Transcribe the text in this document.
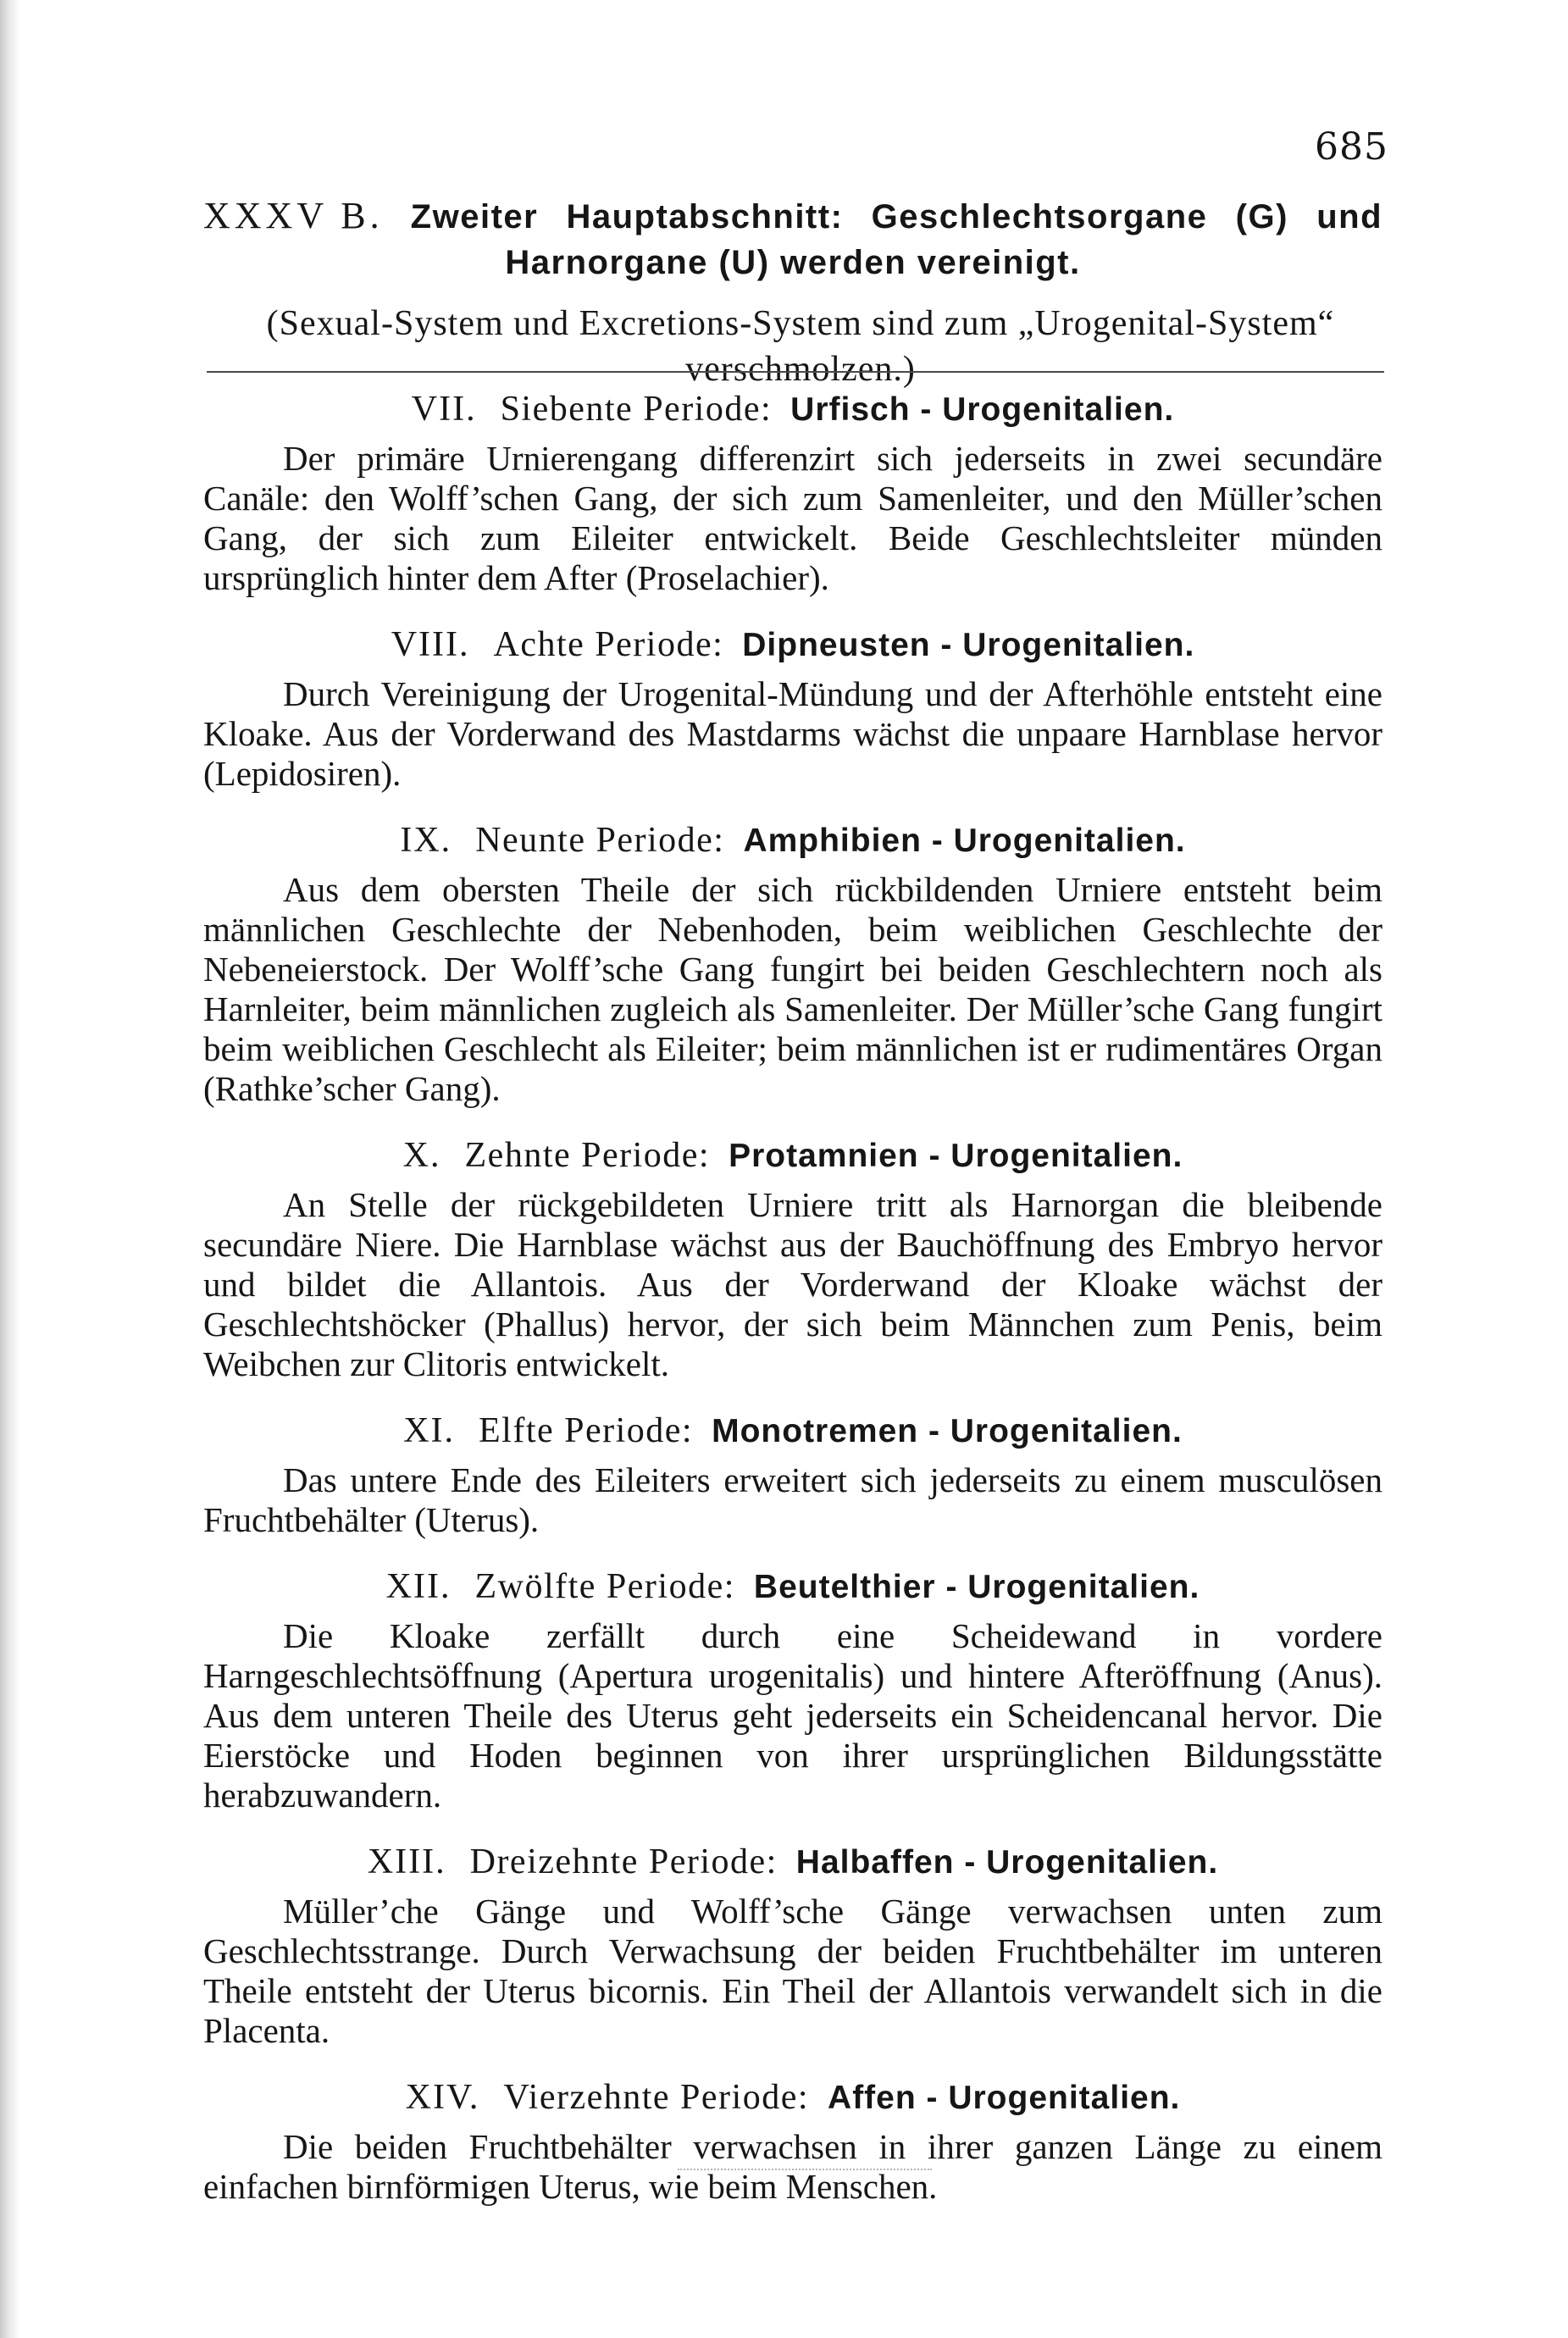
685
XXXV B. Zweiter Hauptabschnitt: Geschlechtsorgane (G) und
Harnorgane (U) werden vereinigt.
(Sexual-System und Excretions-System sind zum „Urogenital-System“
verschmolzen.)
VII. Siebente Periode: Urfisch - Urogenitalien.
Der primäre Urnierengang differenzirt sich jederseits in zwei secundäre Canäle: den Wolff’schen Gang, der sich zum Samenleiter, und den Müller’schen Gang, der sich zum Eileiter entwickelt. Beide Geschlechtsleiter münden ursprünglich hinter dem After (Proselachier).
VIII. Achte Periode: Dipneusten - Urogenitalien.
Durch Vereinigung der Urogenital-Mündung und der Afterhöhle entsteht eine Kloake. Aus der Vorderwand des Mastdarms wächst die unpaare Harnblase hervor (Lepidosiren).
IX. Neunte Periode: Amphibien - Urogenitalien.
Aus dem obersten Theile der sich rückbildenden Urniere entsteht beim männlichen Geschlechte der Nebenhoden, beim weiblichen Geschlechte der Nebeneierstock. Der Wolff’sche Gang fungirt bei beiden Geschlechtern noch als Harnleiter, beim männlichen zugleich als Samenleiter. Der Müller’sche Gang fungirt beim weiblichen Geschlecht als Eileiter; beim männlichen ist er rudimentäres Organ (Rathke’scher Gang).
X. Zehnte Periode: Protamnien - Urogenitalien.
An Stelle der rückgebildeten Urniere tritt als Harnorgan die bleibende secundäre Niere. Die Harnblase wächst aus der Bauchöffnung des Embryo hervor und bildet die Allantois. Aus der Vorderwand der Kloake wächst der Geschlechtshöcker (Phallus) hervor, der sich beim Männchen zum Penis, beim Weibchen zur Clitoris entwickelt.
XI. Elfte Periode: Monotremen - Urogenitalien.
Das untere Ende des Eileiters erweitert sich jederseits zu einem musculösen Fruchtbehälter (Uterus).
XII. Zwölfte Periode: Beutelthier - Urogenitalien.
Die Kloake zerfällt durch eine Scheidewand in vordere Harngeschlechtsöffnung (Apertura urogenitalis) und hintere Afteröffnung (Anus). Aus dem unteren Theile des Uterus geht jederseits ein Scheidencanal hervor. Die Eierstöcke und Hoden beginnen von ihrer ursprünglichen Bildungsstätte herabzuwandern.
XIII. Dreizehnte Periode: Halbaffen - Urogenitalien.
Müller’che Gänge und Wolff’sche Gänge verwachsen unten zum Geschlechtsstrange. Durch Verwachsung der beiden Fruchtbehälter im unteren Theile entsteht der Uterus bicornis. Ein Theil der Allantois verwandelt sich in die Placenta.
XIV. Vierzehnte Periode: Affen - Urogenitalien.
Die beiden Fruchtbehälter verwachsen in ihrer ganzen Länge zu einem einfachen birnförmigen Uterus, wie beim Menschen.
